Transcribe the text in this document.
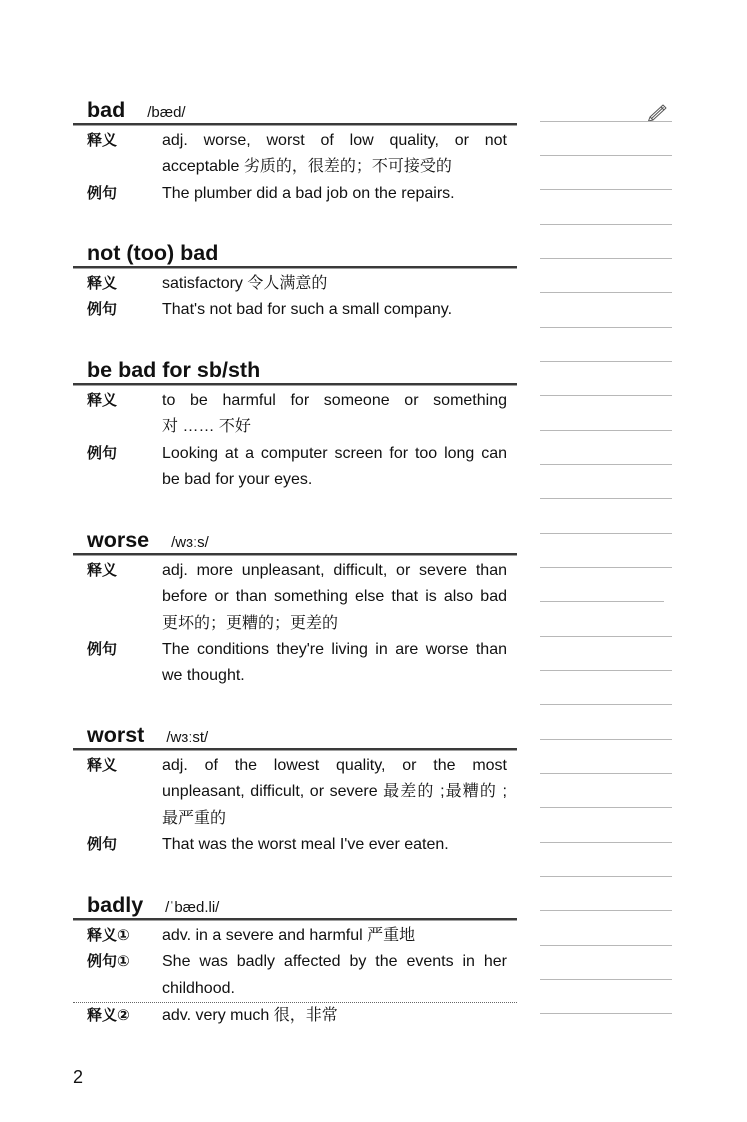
bad /bæd/
释义	adj. worse, worst of low quality, or not
acceptable 劣质的，很差的；不可接受的
例句	The plumber did a bad job on the repairs.
not (too) bad
释义	satisfactory 令人满意的
例句	That's not bad for such a small company.
be bad for sb/sth
释义	to be harmful for someone or something
对 …… 不好
例句	Looking at a computer screen for too long can
be bad for your eyes.
worse /wɜːs/
释义	adj. more unpleasant, difficult, or severe than
before or than something else that is also bad
更坏的；更糟的；更差的
例句	The conditions they're living in are worse than
we thought.
worst /wɜːst/
释义	adj. of the lowest quality, or the most
unpleasant, difficult, or severe 最差的 ;最糟的 ;
最严重的
例句	That was the worst meal I've ever eaten.
badly /ˈbæd.li/
释义①	adv. in a severe and harmful 严重地
例句①	She was badly affected by the events in her
childhood.
释义②	adv. very much 很，非常
2
